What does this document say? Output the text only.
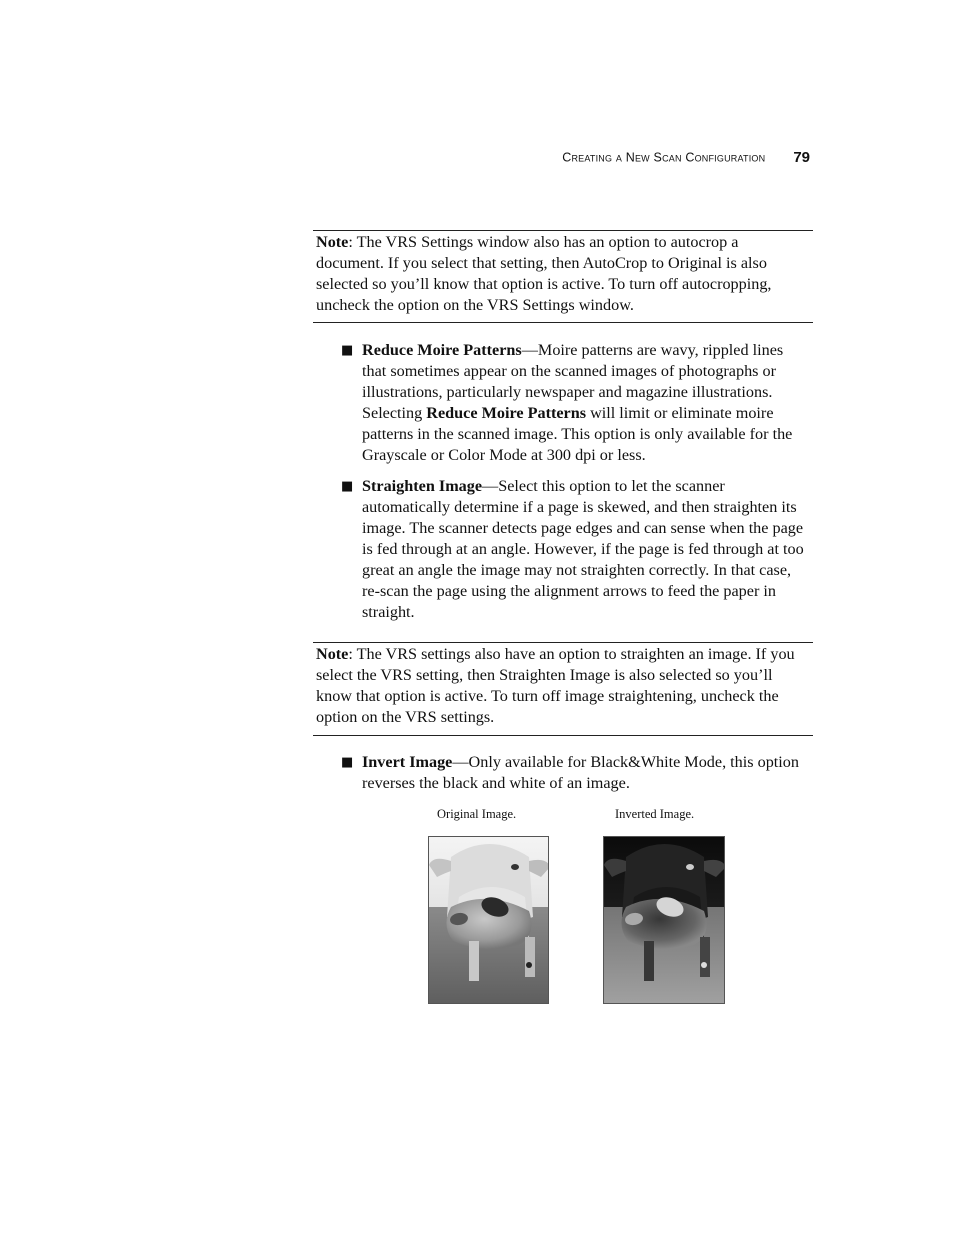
Creating a New Scan Configuration 79
Note: The VRS Settings window also has an option to autocrop a document. If you select that setting, then AutoCrop to Original is also selected so you’ll know that option is active. To turn off autocropping, uncheck the option on the VRS Settings window.
■ Reduce Moire Patterns—Moire patterns are wavy, rippled lines that sometimes appear on the scanned images of photographs or illustrations, particularly newspaper and magazine illustrations. Selecting Reduce Moire Patterns will limit or eliminate moire patterns in the scanned image. This option is only available for the Grayscale or Color Mode at 300 dpi or less.
■ Straighten Image—Select this option to let the scanner automatically determine if a page is skewed, and then straighten its image. The scanner detects page edges and can sense when the page is fed through at an angle. However, if the page is fed through at too great an angle the image may not straighten correctly. In that case, re-scan the page using the alignment arrows to feed the paper in straight.
Note: The VRS settings also have an option to straighten an image. If you select the VRS setting, then Straighten Image is also selected so you’ll know that option is active. To turn off image straightening, uncheck the option on the VRS settings.
■ Invert Image—Only available for Black&White Mode, this option reverses the black and white of an image.
Original Image.	Inverted Image.
